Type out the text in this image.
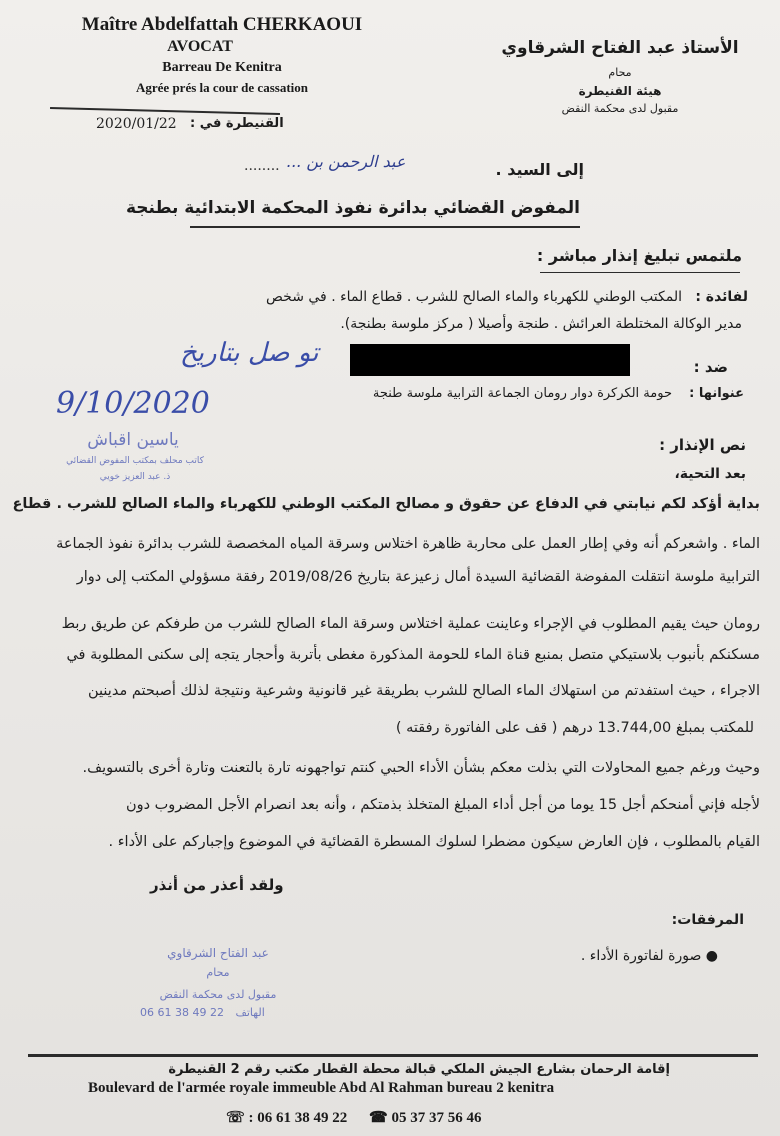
Maître Abdelfattah CHERKAOUI
AVOCAT
Barreau De Kenitra
Agrée prés la cour de cassation
الأستاذ عبد الفتاح الشرقاوي
محام
هيئة القنيطرة
مقبول لدى محكمة النقض
2020/01/22 القنيطرة في :
إلى السيد .
عبد الرحمن بن ...
........
المفوض القضائي بدائرة نفوذ المحكمة الابتدائية بطنجة
ملتمس تبليغ إنذار مباشر :
لفائدة :
المكتب الوطني للكهرباء والماء الصالح للشرب . قطاع الماء . في شخص
مدير الوكالة المختلطة العرائش . طنجة وأصيلا ( مركز ملوسة بطنجة).
ضد :
عنوانها :
حومة الكركرة دوار رومان الجماعة الترابية ملوسة طنجة
تو صل بتاريخ
9/10/2020
ياسين اقباش
كاتب محلف بمكتب المفوض القضائي
ذ. عبد العزيز خويي
نص الإنذار :
بعد التحية،
بداية أؤكد لكم نيابتي في الدفاع عن حقوق و مصالح المكتب الوطني للكهرباء والماء الصالح للشرب . قطاع
الماء . واشعركم أنه وفي إطار العمل على محاربة ظاهرة اختلاس وسرقة المياه المخصصة للشرب بدائرة نفوذ الجماعة
الترابية ملوسة انتقلت المفوضة القضائية السيدة أمال زعيزعة بتاريخ 2019/08/26 رفقة مسؤولي المكتب إلى دوار
رومان حيث يقيم المطلوب في الإجراء وعاينت عملية اختلاس وسرقة الماء الصالح للشرب من طرفكم عن طريق ربط
مسكنكم بأنبوب بلاستيكي متصل بمنبع قناة الماء للحومة المذكورة مغطى بأتربة وأحجار يتجه إلى سكنى المطلوبة في
الاجراء ، حيث استفدتم من استهلاك الماء الصالح للشرب بطريقة غير قانونية وشرعية ونتيجة لذلك أصبحتم مدينين
للمكتب بمبلغ 13.744,00 درهم ( قف على الفاتورة رفقته )
وحيث ورغم جميع المحاولات التي بذلت معكم بشأن الأداء الحبي كنتم تواجهونه تارة بالتعنت وتارة أخرى بالتسويف.
لأجله فإني أمنحكم أجل 15 يوما من أجل أداء المبلغ المتخلذ بذمتكم ، وأنه بعد انصرام الأجل المضروب دون
القيام بالمطلوب ، فإن العارض سيكون مضطرا لسلوك المسطرة القضائية في الموضوع وإجباركم على الأداء .
ولقد أعذر من أنذر
المرفقات:
● صورة لفاتورة الأداء .
عبد الفتاح الشرقاوي
محام
مقبول لدى محكمة النقض
06 61 38 49 22 الهاتف
إقامة الرحمان بشارع الجيش الملكي قبالة محطة القطار مكتب رقم 2 القنيطرة
Boulevard de l'armée royale immeuble Abd Al Rahman bureau 2 kenitra
☏ : 06 61 38 49 22 ☎ 05 37 37 56 46
